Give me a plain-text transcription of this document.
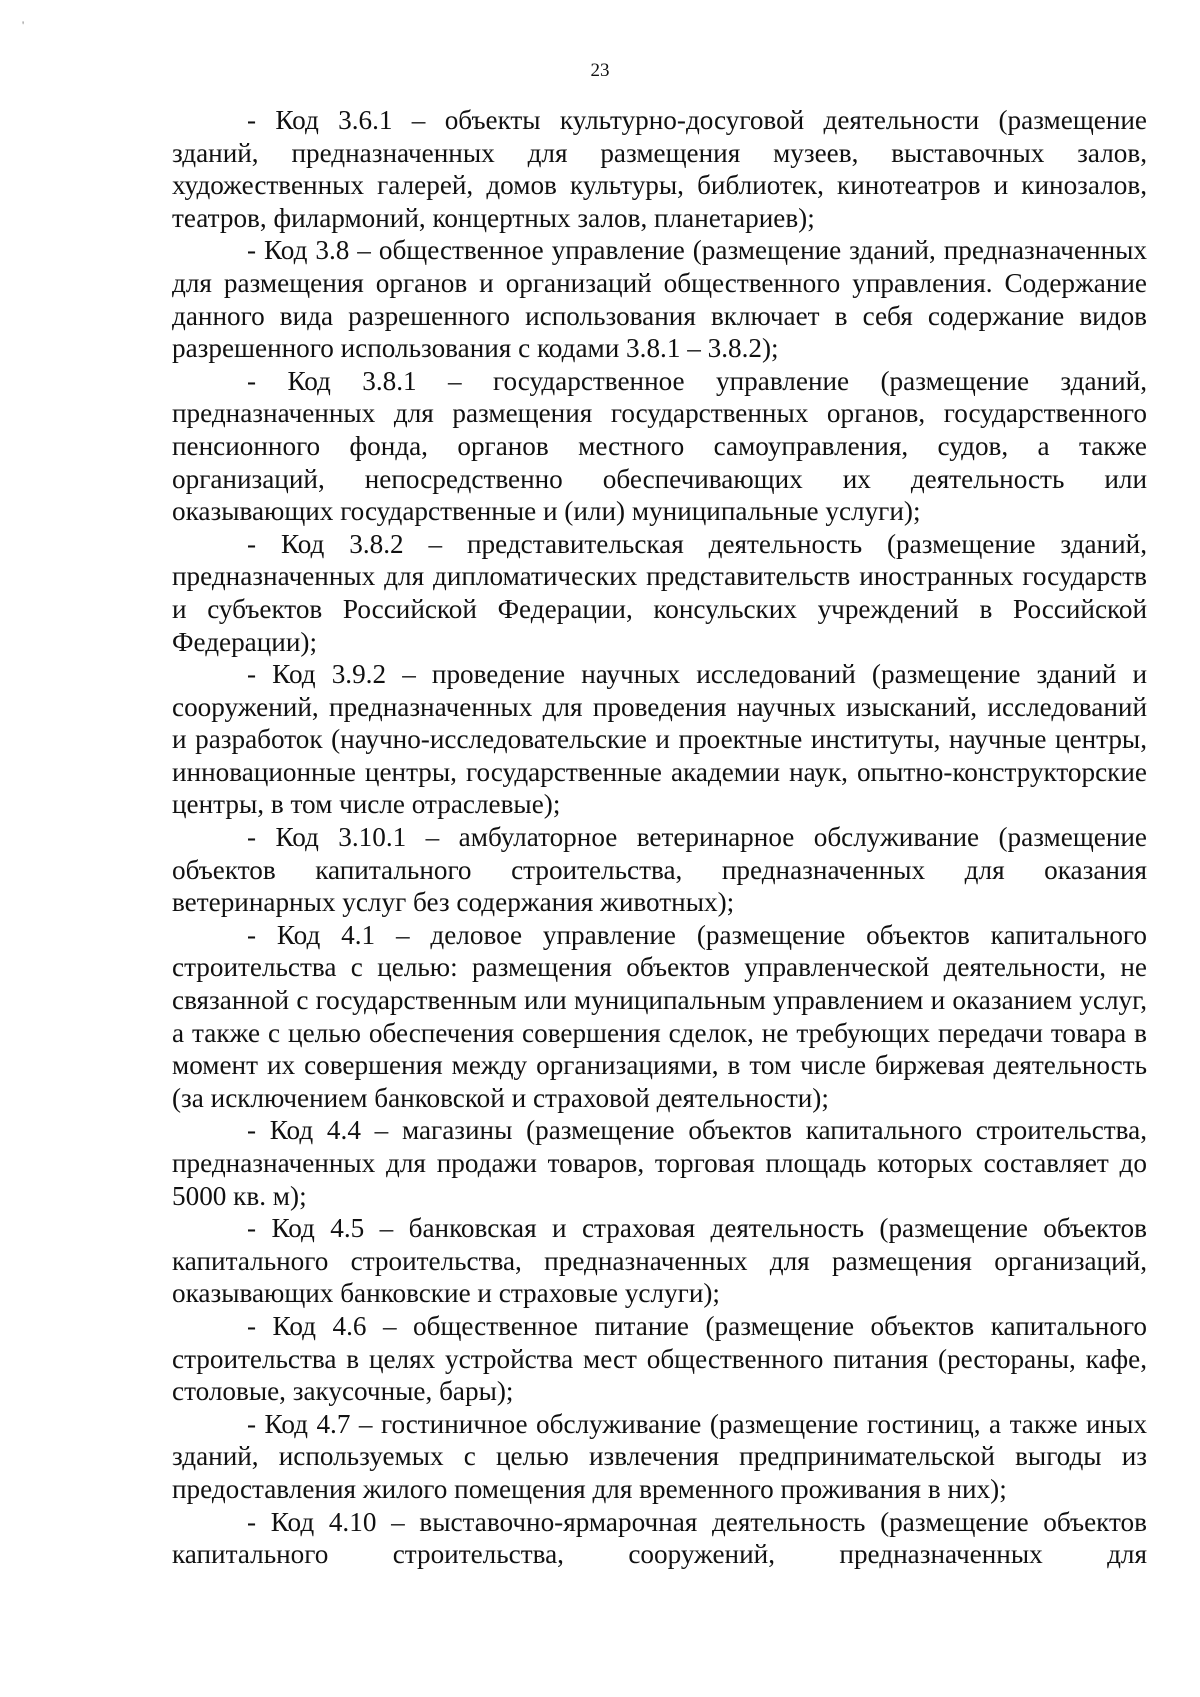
'
23

- Код 3.6.1 – объекты культурно-досуговой деятельности (размещение зданий, предназначенных для размещения музеев, выставочных залов, художественных галерей, домов культуры, библиотек, кинотеатров и кинозалов, театров, филармоний, концертных залов, планетариев);

- Код 3.8 – общественное управление (размещение зданий, предназначенных для размещения органов и организаций общественного управления. Содержание данного вида разрешенного использования включает в себя содержание видов разрешенного использования с кодами 3.8.1 – 3.8.2);

- Код 3.8.1 – государственное управление (размещение зданий, предназначенных для размещения государственных органов, государственного пенсионного фонда, органов местного самоуправления, судов, а также организаций, непосредственно обеспечивающих их деятельность или оказывающих государственные и (или) муниципальные услуги);

- Код 3.8.2 – представительская деятельность (размещение зданий, предназначенных для дипломатических представительств иностранных государств и субъектов Российской Федерации, консульских учреждений в Российской Федерации);

- Код 3.9.2 – проведение научных исследований (размещение зданий и сооружений, предназначенных для проведения научных изысканий, исследований и разработок (научно-исследовательские и проектные институты, научные центры, инновационные центры, государственные академии наук, опытно-конструкторские центры, в том числе отраслевые);

- Код 3.10.1 – амбулаторное ветеринарное обслуживание (размещение объектов капитального строительства, предназначенных для оказания ветеринарных услуг без содержания животных);

- Код 4.1 – деловое управление (размещение объектов капитального строительства с целью: размещения объектов управленческой деятельности, не связанной с государственным или муниципальным управлением и оказанием услуг, а также с целью обеспечения совершения сделок, не требующих передачи товара в момент их совершения между организациями, в том числе биржевая деятельность (за исключением банковской и страховой деятельности);

- Код 4.4 – магазины (размещение объектов капитального строительства, предназначенных для продажи товаров, торговая площадь которых составляет до 5000 кв. м);

- Код 4.5 – банковская и страховая деятельность (размещение объектов капитального строительства, предназначенных для размещения организаций, оказывающих банковские и страховые услуги);

- Код 4.6 – общественное питание (размещение объектов капитального строительства в целях устройства мест общественного питания (рестораны, кафе, столовые, закусочные, бары);

- Код 4.7 – гостиничное обслуживание (размещение гостиниц, а также иных зданий, используемых с целью извлечения предпринимательской выгоды из предоставления жилого помещения для временного проживания в них);

- Код 4.10 – выставочно-ярмарочная деятельность (размещение объектов капитального строительства, сооружений, предназначенных для
